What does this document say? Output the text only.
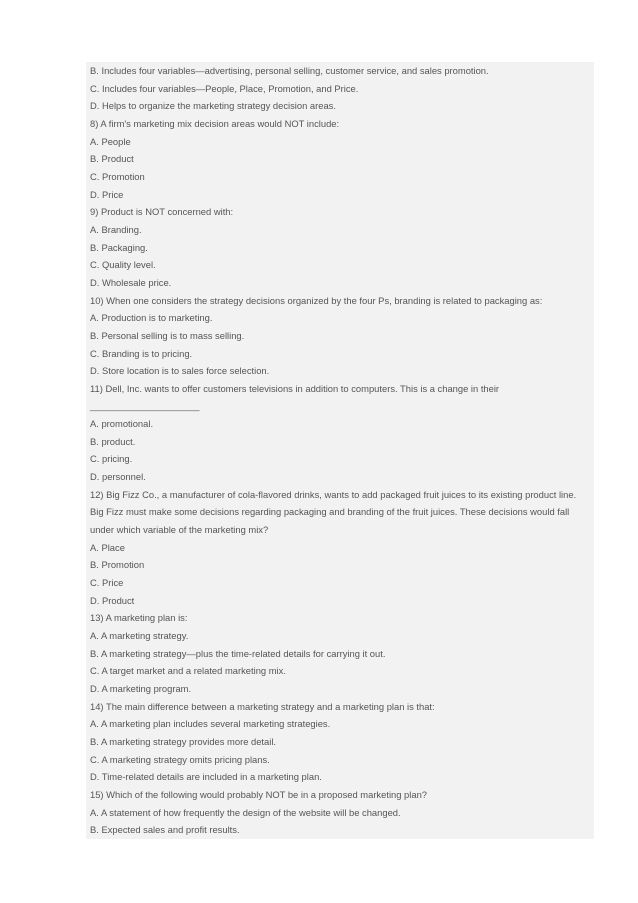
B. Includes four variables—advertising, personal selling, customer service, and sales promotion.
C. Includes four variables—People, Place, Promotion, and Price.
D. Helps to organize the marketing strategy decision areas.
8) A firm's marketing mix decision areas would NOT include:
A. People
B. Product
C. Promotion
D. Price
9) Product is NOT concerned with:
A. Branding.
B. Packaging.
C. Quality level.
D. Wholesale price.
10) When one considers the strategy decisions organized by the four Ps, branding is related to packaging as:
A. Production is to marketing.
B. Personal selling is to mass selling.
C. Branding is to pricing.
D. Store location is to sales force selection.
11) Dell, Inc. wants to offer customers televisions in addition to computers. This is a change in their
_____________________
A. promotional.
B. product.
C. pricing.
D. personnel.
12) Big Fizz Co., a manufacturer of cola-flavored drinks, wants to add packaged fruit juices to its existing product line.
Big Fizz must make some decisions regarding packaging and branding of the fruit juices. These decisions would fall
under which variable of the marketing mix?
A. Place
B. Promotion
C. Price
D. Product
13) A marketing plan is:
A. A marketing strategy.
B. A marketing strategy—plus the time-related details for carrying it out.
C. A target market and a related marketing mix.
D. A marketing program.
14) The main difference between a marketing strategy and a marketing plan is that:
A. A marketing plan includes several marketing strategies.
B. A marketing strategy provides more detail.
C. A marketing strategy omits pricing plans.
D. Time-related details are included in a marketing plan.
15) Which of the following would probably NOT be in a proposed marketing plan?
A. A statement of how frequently the design of the website will be changed.
B. Expected sales and profit results.
